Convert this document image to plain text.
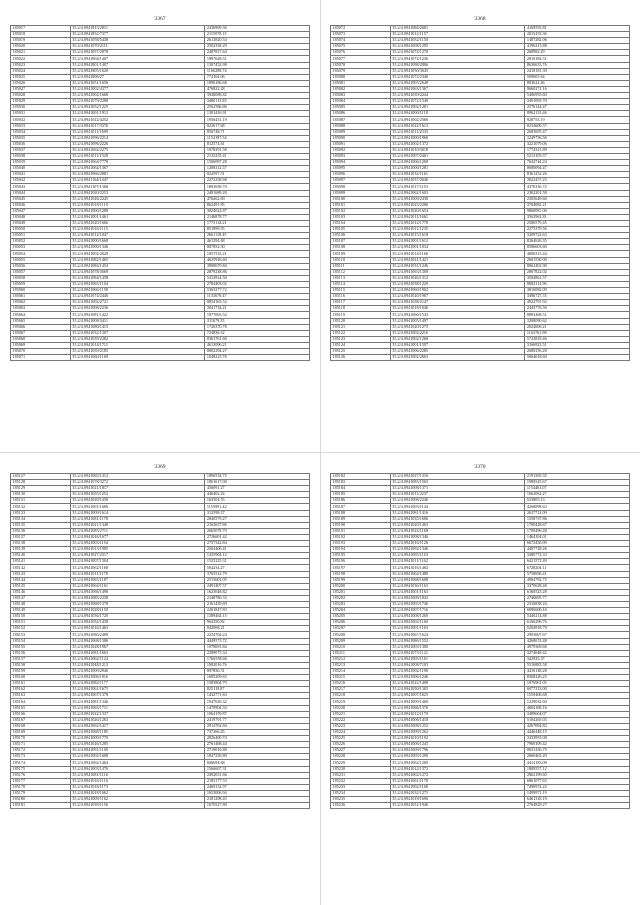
3367
185017	35.2/4.0941813/2811	2436969.36
185018	35.2/4.0941852/7377	2115078.15
185019	35.2/4.0941058/5438	2613820.54
185020	35.2/4.0941070/2111	2502338.29
185021	35.2/4.0941057/2878	2487817.64
185022	35.2/4.0941804/1407	1897628.51
185023	35.2/4.0941801/1407	1307452.98
185024	35.2/4.0941805/1620	1166298.74
185025	35.2/4.0941806/27	774164.06
185026	35.2/4.0941651/1656	1896186.68
185027	35.2/4.0941002/4377	476822.28
185028	35.2/4.0941002/1668	3948088.82
185029	35.2/4.0941079/2288	3480113.83
185030	35.2/4.0941052/1225	2562586.86
185031	35.2/4.0941001/1912	1301416.91
185032	35.2/4.0941022/4252	1950431.19
185033	35.2/4.0941017/3376	822617.68
185034	35.2/4.0941011/1699	856748.71
185035	35.2/4.0941096/2214	1152197.54
185036	35.2/4.0941096/2226	812574.61
185037	35.2/4.0941062/2275	1078291.58
185038	35.2/4.0941011/1328	2132235.41
185039	35.2/4.0941064/7778	1506097.28
185040	35.2/4.0941064/1367	1208312.57
185041	35.2/4.0941066/2881	824597.51
185042	35.2/4.0941164/1447	2272258.68
185043	35.2/4.0941107/1368	1803658.70
185044	35.2/4.0941020/2253	2481689.20
185045	35.2/4.0941026/2245	476262.69
185046	35.2/4.0941018/1110	862491.85
185047	35.2/4.0941000/1288	3824022.87
185048	35.2/4.0941001/1461	2146878.77
185049	35.2/4.0941020/1666	1775134.21
185050	35.2/4.0941016/1115	851899.35
185051	35.2/4.0941012/1047	2661118.45
185052	35.2/4.0941000/1668	461294.48
185053	35.2/4.0941000/1346	807852.30
185054	35.2/4.0941002/2628	1857533.21
185055	35.2/4.0941082/1465	4625926.60
185056	35.2/4.0941084/1454	3908670.84
185057	35.2/4.0941078/3669	2879238.86
185058	35.2/4.0941084/1458	5412814.50
185059	35.2/4.0941063/1104	2784403.02
185060	35.2/4.0941066/1158	5363277.72
185061	35.2/4.0941074/2446	1133678.47
185062	35.2/4.0941002/2721	8854163.52
185063	35.2/4.0941008/2236	3041734.21
185064	35.2/4.0941081/1422	1877003.52
185065	35.2/4.0941008/3411	311679.55
185066	35.2/4.0941080/1415	1726370.78
185067	35.2/4.0941032/1307	724836.32
185068	35.2/4.0941039/2282	8361761.60
185069	35.2/4.0941014/1711	4613096.21
185070	35.2/4.0941039/2185	8802294.27
185071	35.2/4.0941060/1169	1048223.76
3368
185072	35.2/4.0941084/2681	4169593.81
185073	35.2/4.0941012/1157	2015433.36
185074	35.2/4.0941032/1150	1487282.06
185075	35.2/4.0941008/1295	4196213.88
185076	35.2/4.0941074/1270	268982.29
185077	35.2/4.0941072/1236	2810184.51
185078	35.2/4.0941098/2806	8636633.76
185079	35.2/4.0941050/3645	2418181.39
185080	35.2/4.0941072/2340	509605.64
185081	35.2/4.0941003/2648	803622.46
185082	35.2/4.0941063/1367	9660271.16
185083	35.2/4.0941039/2244	5406955.60
185084	35.2/4.0941072/1549	3491093.70
185085	35.2/4.0941002/1281	2576144.47
185086	35.2/4.0941000/1118	8962133.46
185087	35.2/4.0941002/2560	928753.19
185088	35.2/4.0941022/1613	8234609.57
185089	35.2/4.0941011/2333	2683695.47
185090	35.2/4.0941000/1960	3249756.56
185091	35.2/4.0941002/1372	3221079.06
185092	35.2/4.0941010/3018	1774321.89
185093	35.2/4.0941007/2461	5213103.37
185094	35.2/4.0941006/1200	7642744.24
185095	35.2/4.0941000/1281	8680094.47
185096	35.2/4.0941032/1161	8361232.26
185097	35.2/4.0941037/2646	3022457.25
185098	35.2/4.0941017/1153	4376336.72
185099	35.2/4.0941062/1603	2302201.58
185100	35.2/4.0941009/2438	2305649.60
185101	35.2/4.0941023/2286	3704082.21
185102	35.2/4.0941020/1654	9860081.06
185103	35.2/4.0941011/1661	3562962.81
185104	35.2/4.0941012/1770	2586579.45
185105	35.2/4.0941011/1235	2275379.56
185106	35.2/4.0941015/1618	3209722.63
185107	35.2/4.0941001/1612	8264626.35
185108	35.2/4.0941001/1034	8586603.60
185109	35.2/4.0941014/1166	4806313.44
185110	35.2/4.0941021/1421	2601530.00
185111	35.2/4.0941031/1246	8062402.90
185112	35.2/4.0941063/1309	2067822.02
185113	35.2/4.0941026/1312	3504861.57
185114	35.2/4.0941038/1220	8804114.96
185115	35.2/4.0941060/1902	3816082.09
185116	35.2/4.0941020/1967	3496727.55
185117	35.2/4.0941038/2147	4922791.92
185118	35.2/4.0941018/1646	2443776.50
185119	35.2/4.0941060/1543	8883468.51
185120	35.2/4.0941005/1497	3208090.62
185121	35.2/4.0941020/1275	2024606.21
185122	35.2/4.0941002/2216	1163761.98
185123	35.2/4.0941002/1268	5722819.46
185124	35.2/4.0941001/1597	3166923.51
185125	35.2/4.0941006/2285	2680256.28
185126	35.2/4.0941002/2663	5064618.60
3369
185127	35.2/4.0941065/1412	1896534.75
185128	35.2/4.0941078/3272	1861617.00
185129	35.2/4.0941021/1817	456091.27
185130	35.2/4.0941055/1252	446402.24
185131	35.2/4.0941020/1458	163504.55
185132	35.2/4.0941001/1606	1155991.42
185133	35.2/4.0941009/1614	312598.37
185134	35.2/4.0941081/1178	2840579.27
185135	35.2/4.0941021/1348	2162637.86
185136	35.2/4.0941083/2711	2665078.79
185137	35.2/4.0941016/1677	2726601.42
185138	35.2/4.0941003/1154	2757342.84
185139	35.2/4.0941013/1985	2564406.41
185140	35.2/4.0941027/2317	1435904.12
185141	35.2/4.0941007/1304	1525225.31
185142	35.2/4.0941062/1168	504234.27
185143	35.2/4.0941011/1178	3765512.79
185144	35.2/4.0941063/1187	2515601.05
185145	35.2/4.0941064/1161	2491407.57
185146	35.2/4.0941066/1498	1623048.82
185147	35.2/4.0941085/2238	2148786.33
185148	35.2/4.0941068/1378	2161439.69
185149	35.2/4.0941028/1150	2261847.83
185150	35.2/4.0941036/1720	1389464.15
185151	35.2/4.0941052/1438	964350.82
185152	35.2/4.0941016/1463	842068.21
185153	35.2/4.0941086/2489	2234704.24
185154	35.2/4.0941068/1386	4449573.72
185155	35.2/4.0941028/1967	1978691.84
185156	35.2/4.0941081/1663	2289075.34
185157	35.2/4.0941062/1124	1766558.66
185158	35.2/4.0941048/1212	1982016.76
185159	35.2/4.0941009/2946	897836.31
185160	35.2/4.0941006/1016	1685209.63
185161	35.2/4.0941082/1177	1585804.79
185162	35.2/4.0941061/1675	825119.87
185163	35.2/4.0941067/1378	1432771.63
185164	35.2/4.0941081/1346	1947026.32
185165	35.2/4.0941063/1711	1470904.33
185166	35.2/4.0941022/1337	1064159.87
185167	35.2/4.0941026/1263	2419791.77
185168	35.2/4.0941062/1417	2914702.84
185169	35.2/4.0941068/1185	737266.45
185170	35.2/4.0941009/1770	2826400.74
185171	35.2/4.0941026/1285	2761468.44
185172	35.2/4.0941091/1169	2719016.88
185173	35.2/4.0941002/1608	1847236.80
185174	35.2/4.0941062/1464	846694.68
185175	35.2/4.0941003/1476	1566607.31
185176	35.2/4.0941081/1116	2492031.66
185177	35.2/4.0941016/1116	2183177.53
185178	35.2/4.0941016/1173	2469132.97
185179	35.2/4.0941018/1662	1653006.94
185180	35.2/4.0941009/1162	2181298.45
185181	35.2/4.0941039/1156	1670527.80
3370
185182	35.2/4.0941027/1316	2191565.35
185183	35.2/4.0941083/1563	1989545.67
185184	35.2/4.0941008/1371	1154463.07
185185	35.2/4.0941011/2237	1662062.27
185186	35.2/4.0941008/2246	523805.13
185187	35.2/4.0941003/1144	4268898.63
185188	35.2/4.0941081/1416	2637712.09
185189	35.2/4.0941035/1606	1558737.86
185190	35.2/4.0941020/1463	1700428.67
185191	35.2/4.0941024/1168	1709496.48
185192	35.2/4.0941008/1346	1464104.01
185193	35.2/4.0941016/1126	6672456.99
185194	35.2/4.0941092/1346	4497728.26
185195	35.2/4.0941065/1163	3480772.33
185196	35.2/4.0941011/1162	6421572.49
185197	35.2/4.0941016/1402	6728204.11
185198	35.2/4.0941062/1480	5758696.41
185199	35.2/4.0941068/1608	4904792.75
185200	35.2/4.0941036/1163	3370628.48
185201	35.2/4.0941001/1163	6160523.28
185202	35.2/4.0941009/1843	2746695.77
185203	35.2/4.0941003/1746	2316838.24
185204	35.2/4.0941007/1716	6896600.16
185205	35.2/4.0941008/1260	5446214.88
185206	35.2/4.0941002/1160	6166296.76
185207	35.2/4.0941001/1163	5204918.79
185208	35.2/4.0941067/1624	2903607.67
185209	35.2/4.0941086/1552	4268674.48
185210	35.2/4.0941003/1300	4979369.68
185211	35.2/4.0941073/1121	3274648.42
185212	35.2/4.0941005/1161	342925.37
185213	35.2/4.0941008/7103	5516883.58
185214	35.2/4.0941002/1198	4416148.28
185215	35.2/4.0941006/1246	8368226.25
185216	35.2/4.0941022/1408	1076961.05
185217	35.2/4.0941050/1305	6077233.00
185218	35.2/4.0941007/1625	1559406.68
185219	35.2/4.0941009/1460	1229032.60
185220	35.2/4.0941066/1376	4684168.16
185221	35.2/4.0941012/1170	3488604.07
185222	35.2/4.0941006/1418	5104265.03
185223	35.2/4.0941008/1252	4267094.82
185224	35.2/4.0941009/1262	4446448.15
185225	35.2/4.0941010/1192	3333955.08
185226	35.2/4.0941006/1245	7960109.42
185227	35.2/4.0941009/1796	8031436.79
185228	35.2/4.0941003/1290	2660463.20
185229	35.2/4.0941062/1269	4414183.09
185230	35.2/4.0941012/1372	1809557.12
185231	35.2/4.0941062/1272	2862199.60
185232	35.2/4.0941061/1178	6861077.63
185233	35.2/4.0941002/1168	7490974.22
185234	35.2/4.0941032/1275	1499971.19
185235	35.2/4.0941019/1690	6461318.19
185236	35.2/4.0941051/1946	2764829.27
